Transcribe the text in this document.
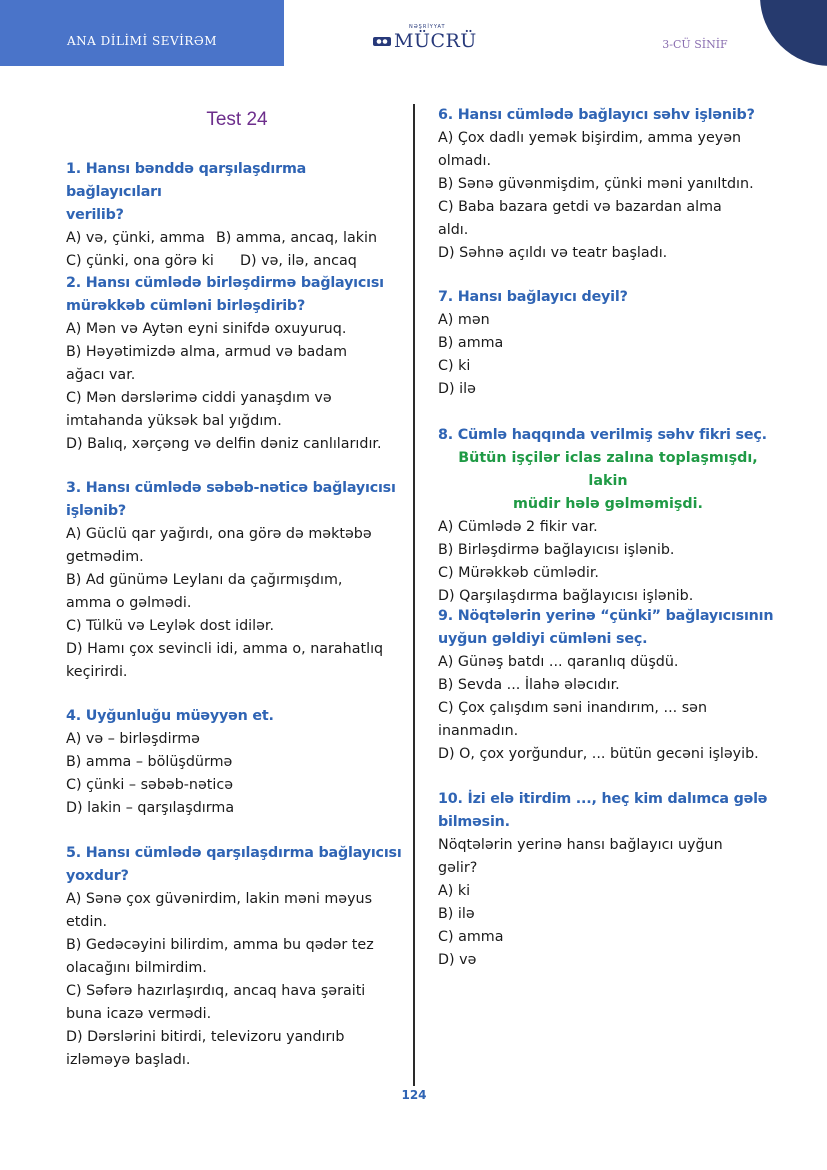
ANA DİLİMİ SEVİRƏM
NƏŞRİYYAT
MÜCRÜ	3-CÜ SİNİF
Test 24
1. Hansı bənddə qarşılaşdırma bağlayıcıları
verilib?
A) və, çünki, amma B) amma, ancaq, lakin
C) çünki, ona görə ki	D) və, ilə, ancaq
2. Hansı cümlədə birləşdirmə bağlayıcısı
mürəkkəb cümləni birləşdirib?
A) Mən və Aytən eyni sinifdə oxuyuruq.
B) Həyətimizdə alma, armud və badam
ağacı var.
C) Mən dərslərimə ciddi yanaşdım və
imtahanda yüksək bal yığdım.
D) Balıq, xərçəng və delfin dəniz canlılarıdır.
3. Hansı cümlədə səbəb-nəticə bağlayıcısı
işlənib?
A) Güclü qar yağırdı, ona görə də məktəbə
getmədim.
B) Ad günümə Leylanı da çağırmışdım,
amma o gəlmədi.
C) Tülkü və Leylək dost idilər.
D) Hamı çox sevincli idi, amma o, narahatlıq
keçirirdi.
4. Uyğunluğu müəyyən et.
A) və – birləşdirmə
B) amma – bölüşdürmə
C) çünki – səbəb-nəticə
D) lakin – qarşılaşdırma
5. Hansı cümlədə qarşılaşdırma bağlayıcısı
yoxdur?
A) Sənə çox güvənirdim, lakin məni məyus
etdin.
B) Gedəcəyini bilirdim, amma bu qədər tez
olacağını bilmirdim.
C) Səfərə hazırlaşırdıq, ancaq hava şəraiti
buna icazə vermədi.
D) Dərslərini bitirdi, televizoru yandırıb
izləməyə başladı.
6. Hansı cümlədə bağlayıcı səhv işlənib?
A) Çox dadlı yemək bişirdim, amma yeyən
olmadı.
B) Sənə güvənmişdim, çünki məni yanıltdın.
C) Baba bazara getdi və bazardan alma
aldı.
D) Səhnə açıldı və teatr başladı.
7. Hansı bağlayıcı deyil?
A) mən
B) amma
C) ki
D) ilə
8. Cümlə haqqında verilmiş səhv fikri seç.
Bütün işçilər iclas zalına toplaşmışdı, lakin
müdir hələ gəlməmişdi.
A) Cümlədə 2 fikir var.
B) Birləşdirmə bağlayıcısı işlənib.
C) Mürəkkəb cümlədir.
D) Qarşılaşdırma bağlayıcısı işlənib.
9. Nöqtələrin yerinə “çünki” bağlayıcısının
uyğun gəldiyi cümləni seç.
A) Günəş batdı ... qaranlıq düşdü.
B) Sevda ... İlahə ələcıdır.
C) Çox çalışdım səni inandırım, ... sən
inanmadın.
D) O, çox yorğundur, ... bütün gecəni işləyib.
10. İzi elə itirdim ..., heç kim dalımca gələ
bilməsin.
Nöqtələrin yerinə hansı bağlayıcı uyğun
gəlir?
A) ki
B) ilə
C) amma
D) və
124
